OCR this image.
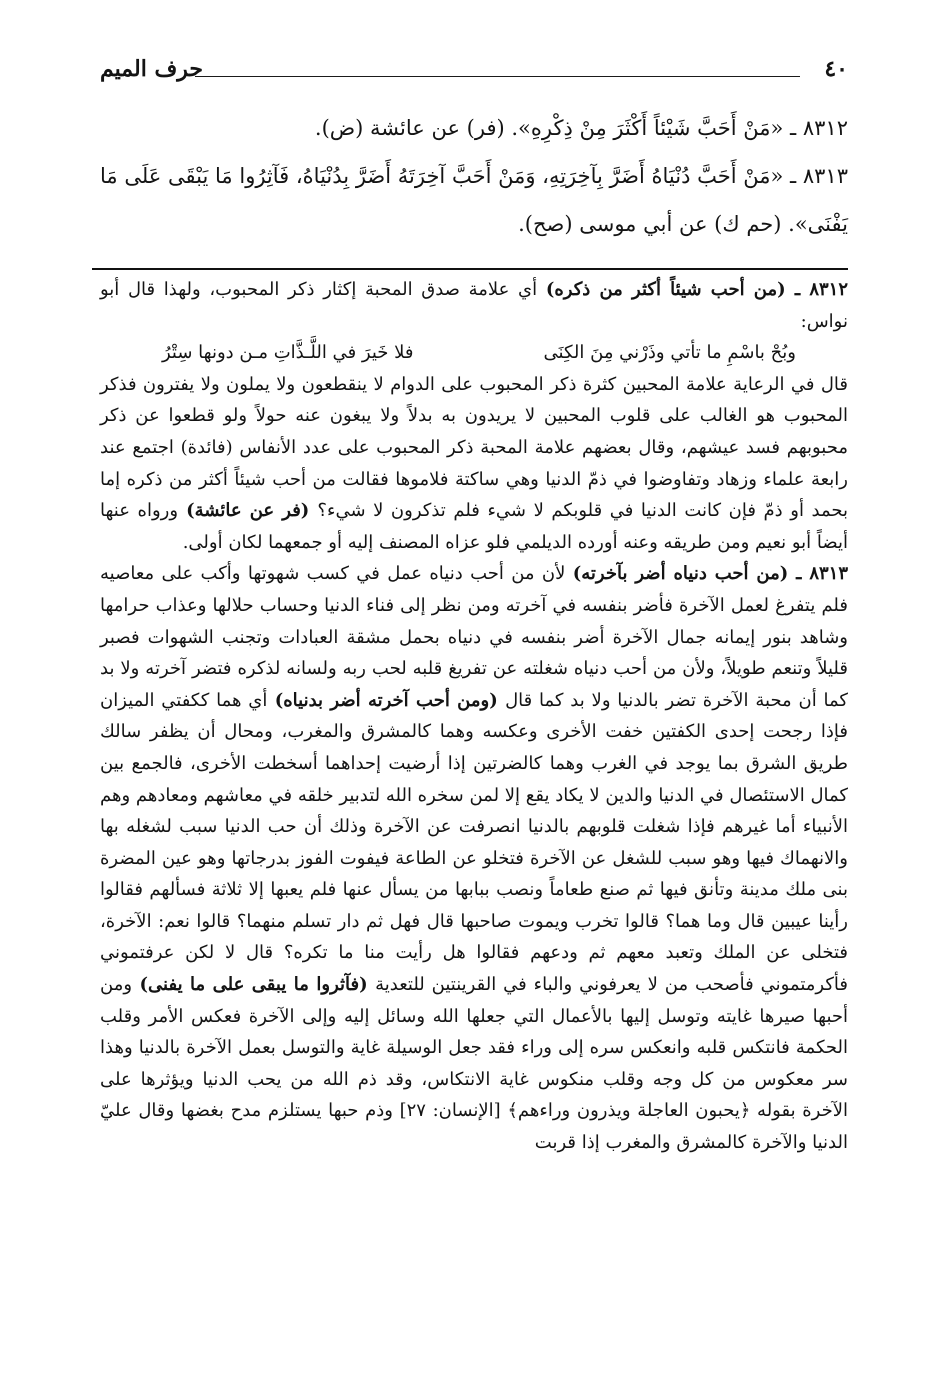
٤٠
حرف الميم

٨٣١٢ ـ «مَنْ أَحَبَّ شَيْئاً أَكْثَرَ مِنْ ذِكْرِهِ». (فر) عن عائشة (ض).

٨٣١٣ ـ «مَنْ أَحَبَّ دُنْيَاهُ أَضَرَّ بِآخِرَتِهِ، وَمَنْ أَحَبَّ آخِرَتَهُ أَضَرَّ بِدُنْيَاهُ، فَآثِرُوا مَا يَبْقَى عَلَى مَا يَفْنَى». (حم ك) عن أبي موسى (صح).

٨٣١٢ ـ (من أحب شيئاً أكثر من ذكره) أي علامة صدق المحبة إكثار ذكر المحبوب، ولهذا قال أبو نواس:

وبُحْ باسْمِ ما تأتي وذَرْني مِنَ الكِنَى
فلا خَيرَ في اللَّـذَّاتِ مـن دونها سِتْرُ

قال في الرعاية علامة المحبين كثرة ذكر المحبوب على الدوام لا ينقطعون ولا يملون ولا يفترون فذكر المحبوب هو الغالب على قلوب المحبين لا يريدون به بدلاً ولا يبغون عنه حولاً ولو قطعوا عن ذكر محبوبهم فسد عيشهم، وقال بعضهم علامة المحبة ذكر المحبوب على عدد الأنفاس (فائدة) اجتمع عند رابعة علماء وزهاد وتفاوضوا في ذمّ الدنيا وهي ساكتة فلاموها فقالت من أحب شيئاً أكثر من ذكره إما بحمد أو ذمّ فإن كانت الدنيا في قلوبكم لا شيء فلم تذكرون لا شيء؟ (فر عن عائشة) ورواه عنها أيضاً أبو نعيم ومن طريقه وعنه أورده الديلمي فلو عزاه المصنف إليه أو جمعهما لكان أولى.

٨٣١٣ ـ (من أحب دنياه أضر بآخرته) لأن من أحب دنياه عمل في كسب شهوتها وأكب على معاصيه فلم يتفرغ لعمل الآخرة فأضر بنفسه في آخرته ومن نظر إلى فناء الدنيا وحساب حلالها وعذاب حرامها وشاهد بنور إيمانه جمال الآخرة أضر بنفسه في دنياه بحمل مشقة العبادات وتجنب الشهوات فصبر قليلاً وتنعم طويلاً، ولأن من أحب دنياه شغلته عن تفريغ قلبه لحب ربه ولسانه لذكره فتضر آخرته ولا بد كما أن محبة الآخرة تضر بالدنيا ولا بد كما قال (ومن أحب آخرته أضر بدنياه) أي هما ككفتي الميزان فإذا رجحت إحدى الكفتين خفت الأخرى وعكسه وهما كالمشرق والمغرب، ومحال أن يظفر سالك طريق الشرق بما يوجد في الغرب وهما كالضرتين إذا أرضيت إحداهما أسخطت الأخرى، فالجمع بين كمال الاستئصال في الدنيا والدين لا يكاد يقع إلا لمن سخره الله لتدبير خلقه في معاشهم ومعادهم وهم الأنبياء أما غيرهم فإذا شغلت قلوبهم بالدنيا انصرفت عن الآخرة وذلك أن حب الدنيا سبب لشغله بها والانهماك فيها وهو سبب للشغل عن الآخرة فتخلو عن الطاعة فيفوت الفوز بدرجاتها وهو عين المضرة بنى ملك مدينة وتأنق فيها ثم صنع طعاماً ونصب ببابها من يسأل عنها فلم يعبها إلا ثلاثة فسألهم فقالوا رأينا عيبين قال وما هما؟ قالوا تخرب ويموت صاحبها قال فهل ثم دار تسلم منهما؟ قالوا نعم: الآخرة، فتخلى عن الملك وتعبد معهم ثم ودعهم فقالوا هل رأيت منا ما تكره؟ قال لا لكن عرفتموني فأكرمتموني فأصحب من لا يعرفوني والباء في القرينتين للتعدية (فآثروا ما يبقى على ما يفنى) ومن أحبها صيرها غايته وتوسل إليها بالأعمال التي جعلها الله وسائل إليه وإلى الآخرة فعكس الأمر وقلب الحكمة فانتكس قلبه وانعكس سره إلى وراء فقد جعل الوسيلة غاية والتوسل بعمل الآخرة بالدنيا وهذا سر معكوس من كل وجه وقلب منكوس غاية الانتكاس، وقد ذم الله من يحب الدنيا ويؤثرها على الآخرة بقوله ﴿يحبون العاجلة ويذرون وراءهم﴾ [الإنسان: ٢٧] وذم حبها يستلزم مدح بغضها وقال عليّ الدنيا والآخرة كالمشرق والمغرب إذا قربت
